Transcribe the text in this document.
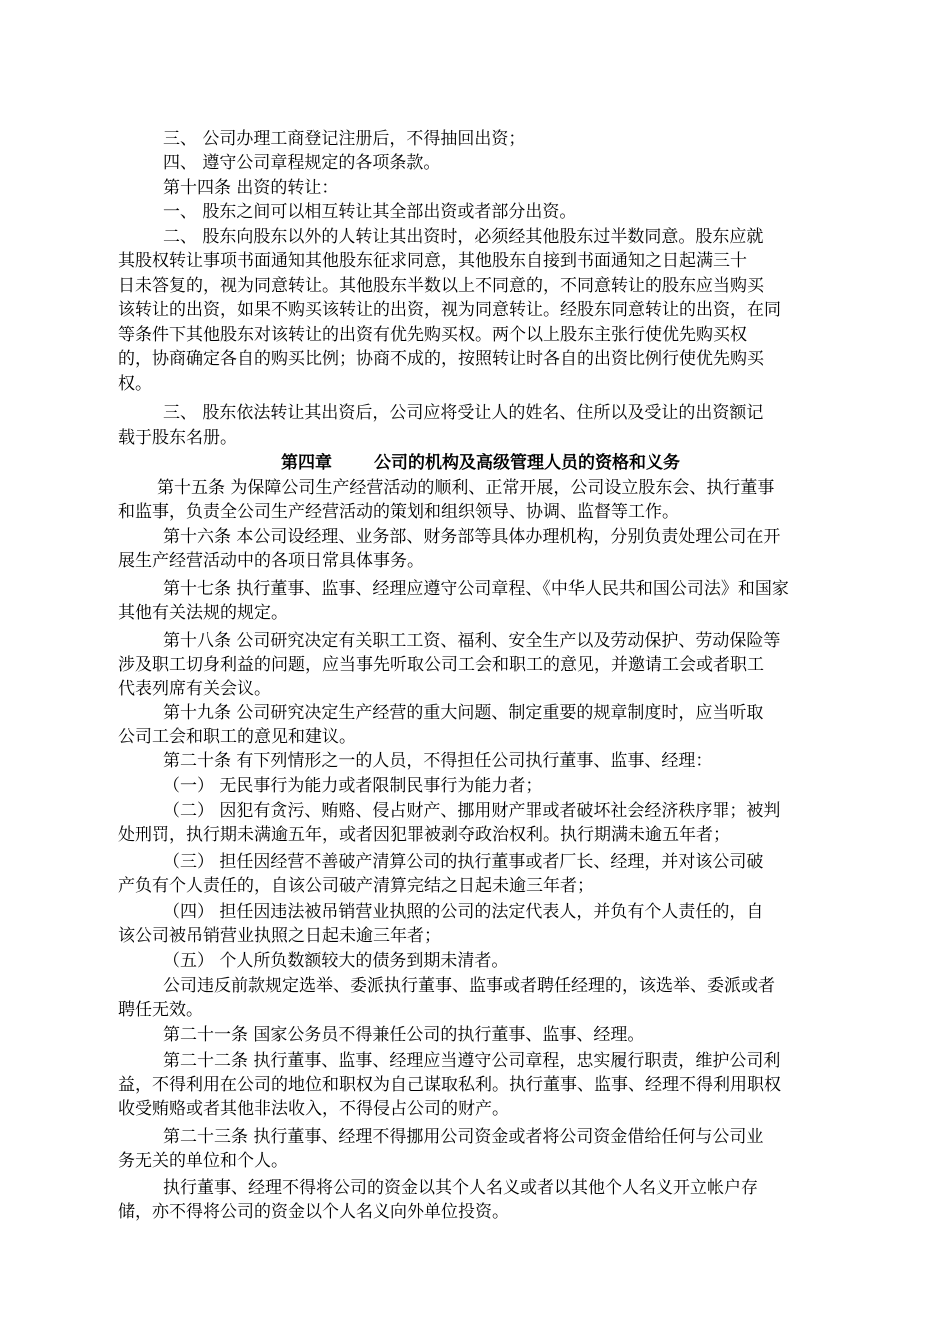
三、 公司办理工商登记注册后，不得抽回出资；
四、 遵守公司章程规定的各项条款。
第十四条 出资的转让：
一、 股东之间可以相互转让其全部出资或者部分出资。
二、 股东向股东以外的人转让其出资时，必须经其他股东过半数同意。股东应就
其股权转让事项书面通知其他股东征求同意，其他股东自接到书面通知之日起满三十
日未答复的，视为同意转让。其他股东半数以上不同意的，不同意转让的股东应当购买
该转让的出资，如果不购买该转让的出资，视为同意转让。经股东同意转让的出资，在同
等条件下其他股东对该转让的出资有优先购买权。两个以上股东主张行使优先购买权
的，协商确定各自的购买比例；协商不成的，按照转让时各自的出资比例行使优先购买
权。
三、 股东依法转让其出资后，公司应将受让人的姓名、住所以及受让的出资额记
载于股东名册。
第四章 公司的机构及高级管理人员的资格和义务
第十五条 为保障公司生产经营活动的顺利、正常开展，公司设立股东会、执行董事
和监事，负责全公司生产经营活动的策划和组织领导、协调、监督等工作。
第十六条 本公司设经理、业务部、财务部等具体办理机构，分别负责处理公司在开
展生产经营活动中的各项日常具体事务。
第十七条 执行董事、监事、经理应遵守公司章程、《中华人民共和国公司法》和国家
其他有关法规的规定。
第十八条 公司研究决定有关职工工资、福利、安全生产以及劳动保护、劳动保险等
涉及职工切身利益的问题，应当事先听取公司工会和职工的意见，并邀请工会或者职工
代表列席有关会议。
第十九条 公司研究决定生产经营的重大问题、制定重要的规章制度时，应当听取
公司工会和职工的意见和建议。
第二十条 有下列情形之一的人员，不得担任公司执行董事、监事、经理：
（一） 无民事行为能力或者限制民事行为能力者；
（二） 因犯有贪污、贿赂、侵占财产、挪用财产罪或者破坏社会经济秩序罪；被判
处刑罚，执行期未满逾五年，或者因犯罪被剥夺政治权利。执行期满未逾五年者；
（三） 担任因经营不善破产清算公司的执行董事或者厂长、经理，并对该公司破
产负有个人责任的，自该公司破产清算完结之日起未逾三年者；
（四） 担任因违法被吊销营业执照的公司的法定代表人，并负有个人责任的，自
该公司被吊销营业执照之日起未逾三年者；
（五） 个人所负数额较大的债务到期未清者。
公司违反前款规定选举、委派执行董事、监事或者聘任经理的，该选举、委派或者
聘任无效。
第二十一条 国家公务员不得兼任公司的执行董事、监事、经理。
第二十二条 执行董事、监事、经理应当遵守公司章程，忠实履行职责，维护公司利
益，不得利用在公司的地位和职权为自己谋取私利。执行董事、监事、经理不得利用职权
收受贿赂或者其他非法收入，不得侵占公司的财产。
第二十三条 执行董事、经理不得挪用公司资金或者将公司资金借给任何与公司业
务无关的单位和个人。
执行董事、经理不得将公司的资金以其个人名义或者以其他个人名义开立帐户存
储，亦不得将公司的资金以个人名义向外单位投资。
